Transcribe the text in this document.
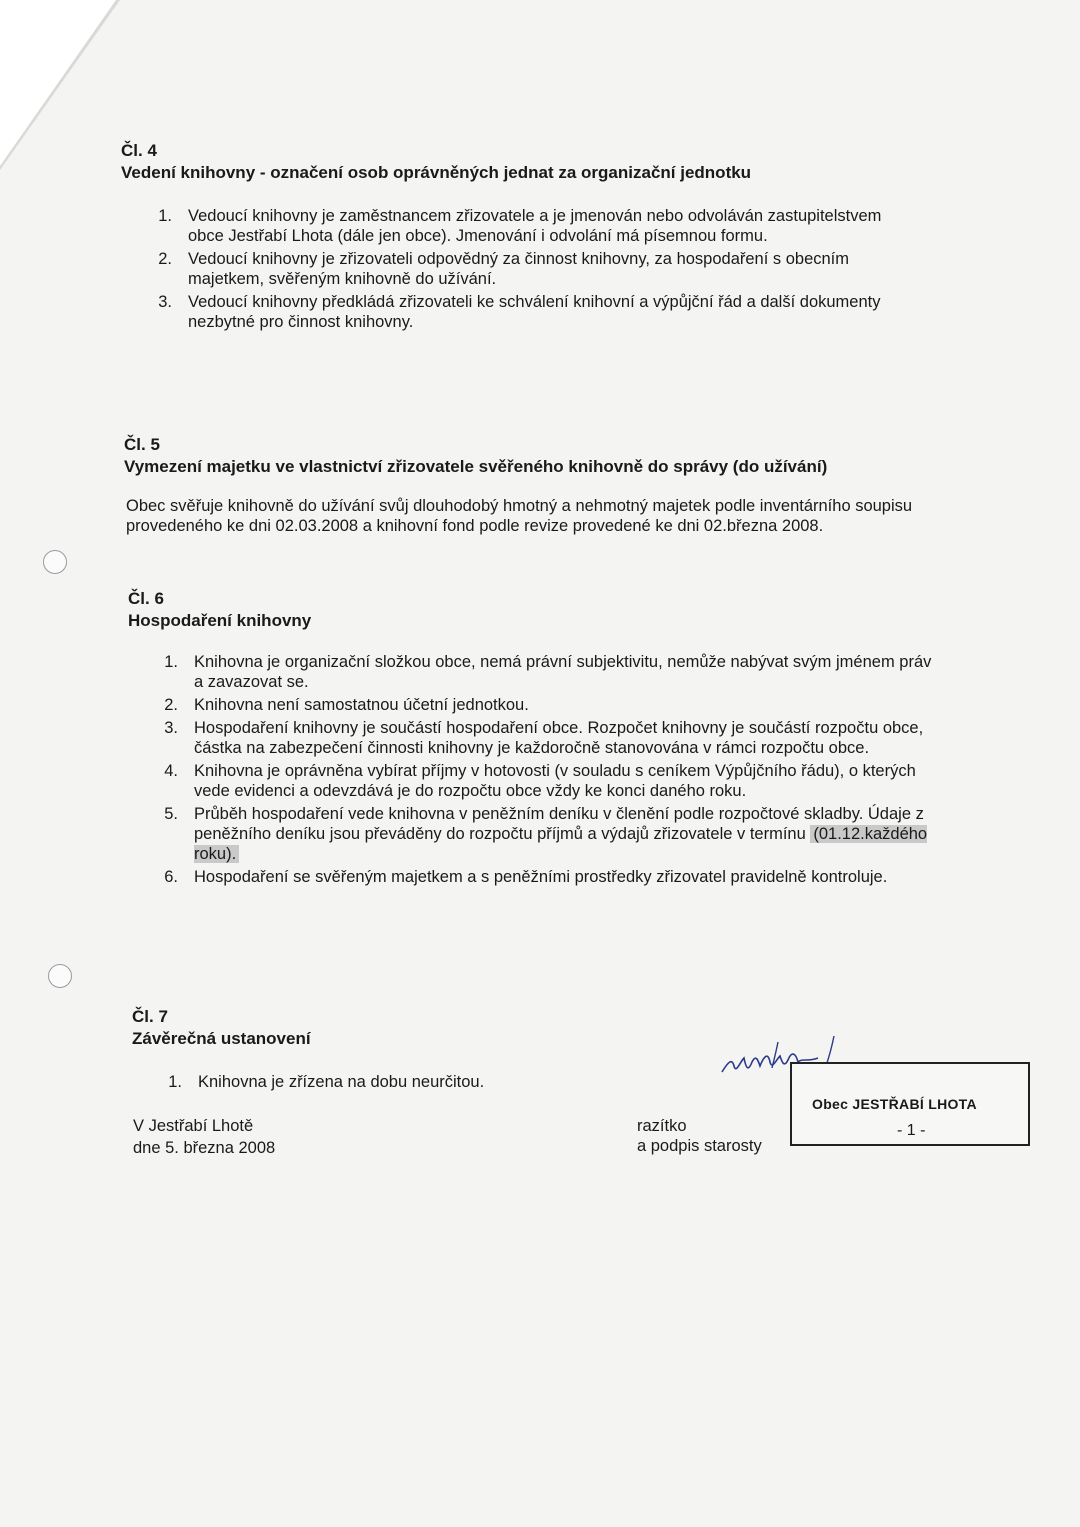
Čl. 4
Vedení knihovny - označení osob oprávněných jednat za organizační jednotku
1. Vedoucí knihovny je zaměstnancem zřizovatele a je jmenován nebo odvoláván zastupitelstvem obce Jestřabí Lhota (dále jen obce). Jmenování i odvolání má písemnou formu.
2. Vedoucí knihovny je zřizovateli odpovědný za činnost knihovny, za hospodaření s obecním majetkem, svěřeným knihovně do užívání.
3. Vedoucí knihovny předkládá zřizovateli ke schválení knihovní a výpůjční řád a další dokumenty nezbytné pro činnost knihovny.
Čl. 5
Vymezení majetku ve vlastnictví zřizovatele svěřeného knihovně do správy (do užívání)
Obec svěřuje knihovně do užívání svůj dlouhodobý hmotný a nehmotný majetek podle inventárního soupisu provedeného ke dni 02.03.2008 a knihovní fond podle revize provedené ke dni 02.března 2008.
Čl. 6
Hospodaření knihovny
1. Knihovna je organizační složkou obce, nemá právní subjektivitu, nemůže nabývat svým jménem práv a zavazovat se.
2. Knihovna není samostatnou účetní jednotkou.
3. Hospodaření knihovny je součástí hospodaření obce. Rozpočet knihovny je součástí rozpočtu obce, částka na zabezpečení činnosti knihovny je každoročně stanovována v rámci rozpočtu obce.
4. Knihovna je oprávněna vybírat příjmy v hotovosti (v souladu s ceníkem Výpůjčního řádu), o kterých vede evidenci a odevzdává je do rozpočtu obce vždy ke konci daného roku.
5. Průběh hospodaření vede knihovna v peněžním deníku v členění podle rozpočtové skladby. Údaje z peněžního deníku jsou převáděny do rozpočtu příjmů a výdajů zřizovatele v termínu (01.12.každého roku).
6. Hospodaření se svěřeným majetkem a s peněžními prostředky zřizovatel pravidelně kontroluje.
Čl. 7
Závěrečná ustanovení
1. Knihovna je zřízena na dobu neurčitou.
V Jestřabí Lhotě
dne 5. března 2008
razítko
a podpis starosty
Obec JESTŘABÍ LHOTA
- 1 -
